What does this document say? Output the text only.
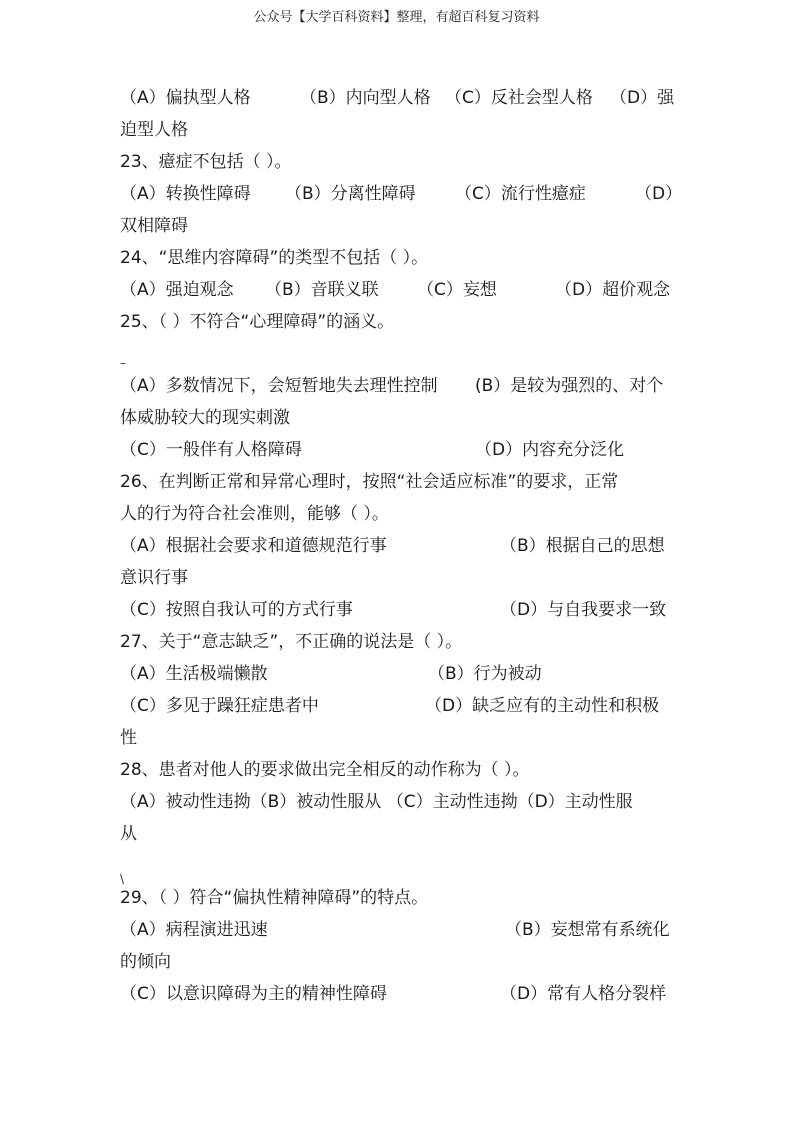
公众号【大学百科资料】整理，有超百科复习资料
（A）偏执型人格	（B）内向型人格 （C）反社会型人格 （D）强
迫型人格
23、癔症不包括（ ）。
（A）转换性障碍 （B）分离性障碍 （C）流行性癔症	（D）
双相障碍
24、“思维内容障碍”的类型不包括（ ）。
（A）强迫观念 （B）音联义联 （C）妄想	（D）超价观念
25、（ ）不符合“心理障碍”的涵义。
（A）多数情况下，会短暂地失去理性控制 (B）是较为强烈的、对个
体威胁较大的现实刺激
（C）一般伴有人格障碍	（D）内容充分泛化
26、在判断正常和异常心理时，按照“社会适应标准”的要求，正常
人的行为符合社会准则，能够（ ）。
（A）根据社会要求和道德规范行事	（B）根据自己的思想
意识行事
（C）按照自我认可的方式行事	（D）与自我要求一致
27、关于“意志缺乏”，不正确的说法是（ ）。
（A）生活极端懒散	（B）行为被动
（C）多见于躁狂症患者中	（D）缺乏应有的主动性和积极
性
28、患者对他人的要求做出完全相反的动作称为（ ）。
（A）被动性违拗（B）被动性服从 （C）主动性违拗（D）主动性服
从
29、（ ）符合“偏执性精神障碍”的特点。
（A）病程演进迅速	（B）妄想常有系统化
的倾向
（C）以意识障碍为主的精神性障碍	（D）常有人格分裂样
–
\
